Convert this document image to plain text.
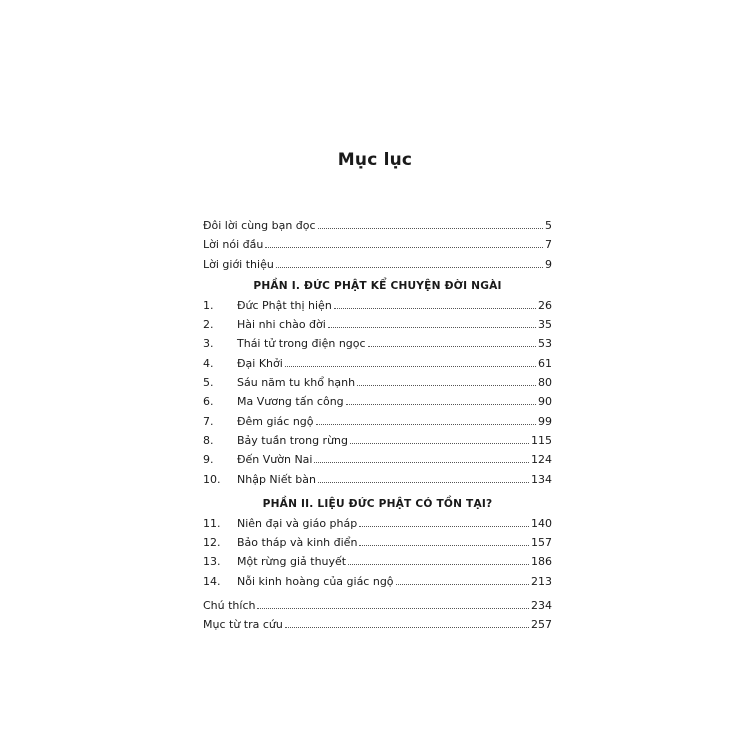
Mục lục
Đôi lời cùng bạn đọc	5
Lời nói đầu	7
Lời giới thiệu	9
PHẦN I. ĐỨC PHẬT KỂ CHUYỆN ĐỜI NGÀI
1.	Đức Phật thị hiện	26
2.	Hài nhi chào đời	35
3.	Thái tử trong điện ngọc	53
4.	Đại Khởi	61
5.	Sáu năm tu khổ hạnh	80
6.	Ma Vương tấn công	90
7.	Đêm giác ngộ	99
8.	Bảy tuần trong rừng	115
9.	Đến Vườn Nai	124
10.	Nhập Niết bàn	134
PHẦN II. LIỆU ĐỨC PHẬT CÓ TỒN TẠI?
11.	Niên đại và giáo pháp	140
12.	Bảo tháp và kinh điển	157
13.	Một rừng giả thuyết	186
14.	Nỗi kinh hoàng của giác ngộ	213
Chú thích	234
Mục từ tra cứu	257
